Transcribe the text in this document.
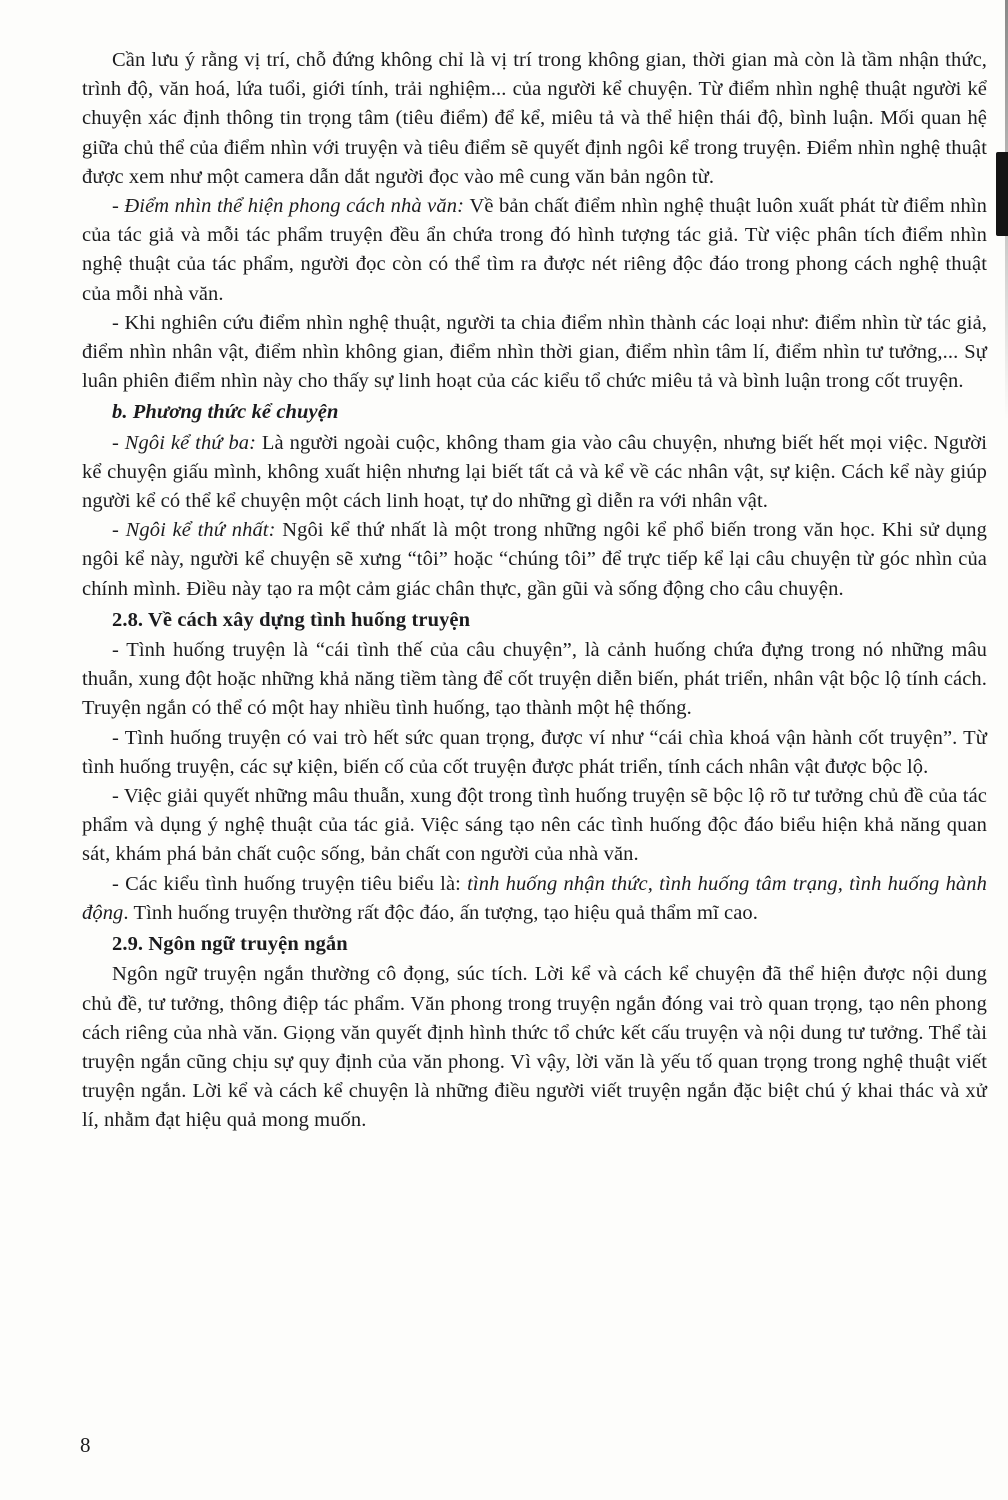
Cần lưu ý rằng vị trí, chỗ đứng không chỉ là vị trí trong không gian, thời gian mà còn là tầm nhận thức, trình độ, văn hoá, lứa tuổi, giới tính, trải nghiệm... của người kể chuyện. Từ điểm nhìn nghệ thuật người kể chuyện xác định thông tin trọng tâm (tiêu điểm) để kể, miêu tả và thể hiện thái độ, bình luận. Mối quan hệ giữa chủ thể của điểm nhìn với truyện và tiêu điểm sẽ quyết định ngôi kể trong truyện. Điểm nhìn nghệ thuật được xem như một camera dẫn dắt người đọc vào mê cung văn bản ngôn từ.

- Điểm nhìn thể hiện phong cách nhà văn: Về bản chất điểm nhìn nghệ thuật luôn xuất phát từ điểm nhìn của tác giả và mỗi tác phẩm truyện đều ẩn chứa trong đó hình tượng tác giả. Từ việc phân tích điểm nhìn nghệ thuật của tác phẩm, người đọc còn có thể tìm ra được nét riêng độc đáo trong phong cách nghệ thuật của mỗi nhà văn.

- Khi nghiên cứu điểm nhìn nghệ thuật, người ta chia điểm nhìn thành các loại như: điểm nhìn từ tác giả, điểm nhìn nhân vật, điểm nhìn không gian, điểm nhìn thời gian, điểm nhìn tâm lí, điểm nhìn tư tưởng,... Sự luân phiên điểm nhìn này cho thấy sự linh hoạt của các kiểu tổ chức miêu tả và bình luận trong cốt truyện.

b. Phương thức kể chuyện

- Ngôi kể thứ ba: Là người ngoài cuộc, không tham gia vào câu chuyện, nhưng biết hết mọi việc. Người kể chuyện giấu mình, không xuất hiện nhưng lại biết tất cả và kể về các nhân vật, sự kiện. Cách kể này giúp người kể có thể kể chuyện một cách linh hoạt, tự do những gì diễn ra với nhân vật.

- Ngôi kể thứ nhất: Ngôi kể thứ nhất là một trong những ngôi kể phổ biến trong văn học. Khi sử dụng ngôi kể này, người kể chuyện sẽ xưng “tôi” hoặc “chúng tôi” để trực tiếp kể lại câu chuyện từ góc nhìn của chính mình. Điều này tạo ra một cảm giác chân thực, gần gũi và sống động cho câu chuyện.

2.8. Về cách xây dựng tình huống truyện

- Tình huống truyện là “cái tình thế của câu chuyện”, là cảnh huống chứa đựng trong nó những mâu thuẫn, xung đột hoặc những khả năng tiềm tàng để cốt truyện diễn biến, phát triển, nhân vật bộc lộ tính cách. Truyện ngắn có thể có một hay nhiều tình huống, tạo thành một hệ thống.

- Tình huống truyện có vai trò hết sức quan trọng, được ví như “cái chìa khoá vận hành cốt truyện”. Từ tình huống truyện, các sự kiện, biến cố của cốt truyện được phát triển, tính cách nhân vật được bộc lộ.

- Việc giải quyết những mâu thuẫn, xung đột trong tình huống truyện sẽ bộc lộ rõ tư tưởng chủ đề của tác phẩm và dụng ý nghệ thuật của tác giả. Việc sáng tạo nên các tình huống độc đáo biểu hiện khả năng quan sát, khám phá bản chất cuộc sống, bản chất con người của nhà văn.

- Các kiểu tình huống truyện tiêu biểu là: tình huống nhận thức, tình huống tâm trạng, tình huống hành động. Tình huống truyện thường rất độc đáo, ấn tượng, tạo hiệu quả thẩm mĩ cao.

2.9. Ngôn ngữ truyện ngắn

Ngôn ngữ truyện ngắn thường cô đọng, súc tích. Lời kể và cách kể chuyện đã thể hiện được nội dung chủ đề, tư tưởng, thông điệp tác phẩm. Văn phong trong truyện ngắn đóng vai trò quan trọng, tạo nên phong cách riêng của nhà văn. Giọng văn quyết định hình thức tổ chức kết cấu truyện và nội dung tư tưởng. Thể tài truyện ngắn cũng chịu sự quy định của văn phong. Vì vậy, lời văn là yếu tố quan trọng trong nghệ thuật viết truyện ngắn. Lời kể và cách kể chuyện là những điều người viết truyện ngắn đặc biệt chú ý khai thác và xử lí, nhằm đạt hiệu quả mong muốn.

8
